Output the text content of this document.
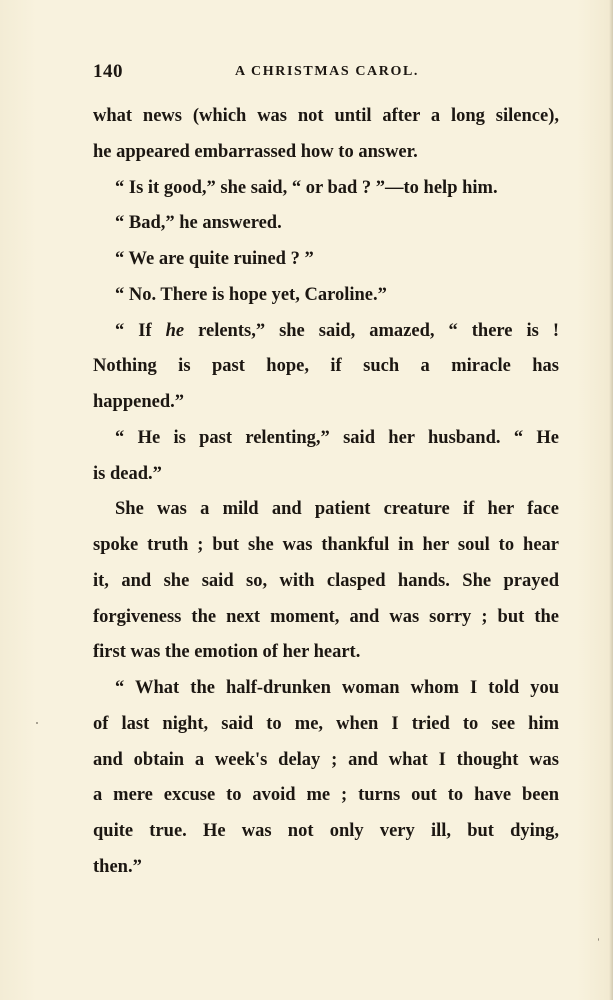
140	A CHRISTMAS CAROL.
what news (which was not until after a long silence),
he appeared embarrassed how to answer.
“ Is it good,” she said, “ or bad ? ”—to help him.
“ Bad,” he answered.
“ We are quite ruined ? ”
“ No. There is hope yet, Caroline.”
“ If he relents,” she said, amazed, “ there is !
Nothing is past hope, if such a miracle has
happened.”
“ He is past relenting,” said her husband. “ He
is dead.”
She was a mild and patient creature if her face
spoke truth ; but she was thankful in her soul to hear
it, and she said so, with clasped hands. She prayed
forgiveness the next moment, and was sorry ; but the
first was the emotion of her heart.
“ What the half-drunken woman whom I told you
of last night, said to me, when I tried to see him
and obtain a week's delay ; and what I thought was
a mere excuse to avoid me ; turns out to have been
quite true. He was not only very ill, but dying,
then.”
